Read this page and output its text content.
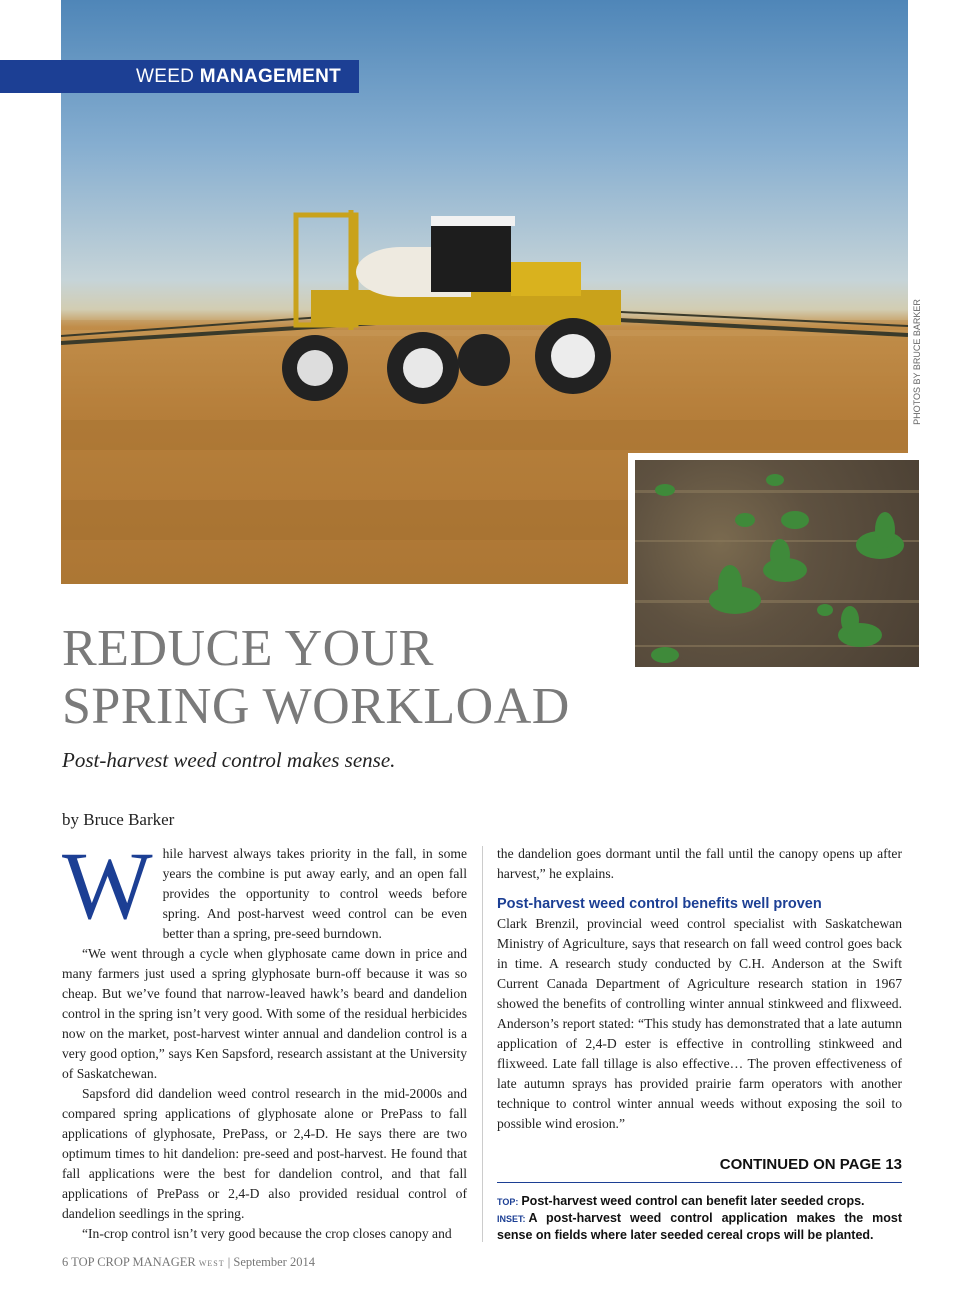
WEED MANAGEMENT
PHOTOS BY BRUCE BARKER
REDUCE YOUR
SPRING WORKLOAD
Post-harvest weed control makes sense.
by Bruce Barker

While harvest always takes priority in the fall, in some years the combine is put away early, and an open fall provides the opportunity to control weeds before spring. And post-harvest weed control can be even better than a spring, pre-seed burndown.

“We went through a cycle when glyphosate came down in price and many farmers just used a spring glyphosate burn-off because it was so cheap. But we’ve found that narrow-leaved hawk’s beard and dandelion control in the spring isn’t very good. With some of the residual herbicides now on the market, post-harvest winter annual and dandelion control is a very good option,” says Ken Sapsford, research assistant at the University of Saskatchewan.

Sapsford did dandelion weed control research in the mid-2000s and compared spring applications of glyphosate alone or PrePass to fall applications of glyphosate, PrePass, or 2,4-D. He says there are two optimum times to hit dandelion: pre-seed and post-harvest. He found that fall applications were the best for dandelion control, and that fall applications of PrePass or 2,4-D also provided residual control of dandelion seedlings in the spring.

“In-crop control isn’t very good because the crop closes canopy and

the dandelion goes dormant until the fall until the canopy opens up after harvest,” he explains.

Post-harvest weed control benefits well proven

Clark Brenzil, provincial weed control specialist with Saskatchewan Ministry of Agriculture, says that research on fall weed control goes back in time. A research study conducted by C.H. Anderson at the Swift Current Canada Department of Agriculture research station in 1967 showed the benefits of controlling winter annual stinkweed and flixweed. Anderson’s report stated: “This study has demonstrated that a late autumn application of 2,4-D ester is effective in controlling stinkweed and flixweed. Late fall tillage is also effective… The proven effectiveness of late autumn sprays has provided prairie farm operators with another technique to control winter annual weeds without exposing the soil to possible wind erosion.”

CONTINUED ON PAGE 13
TOP: Post-harvest weed control can benefit later seeded crops.
INSET: A post-harvest weed control application makes the most sense on fields where later seeded cereal crops will be planted.
6 TOP CROP MANAGER WEST | September 2014
